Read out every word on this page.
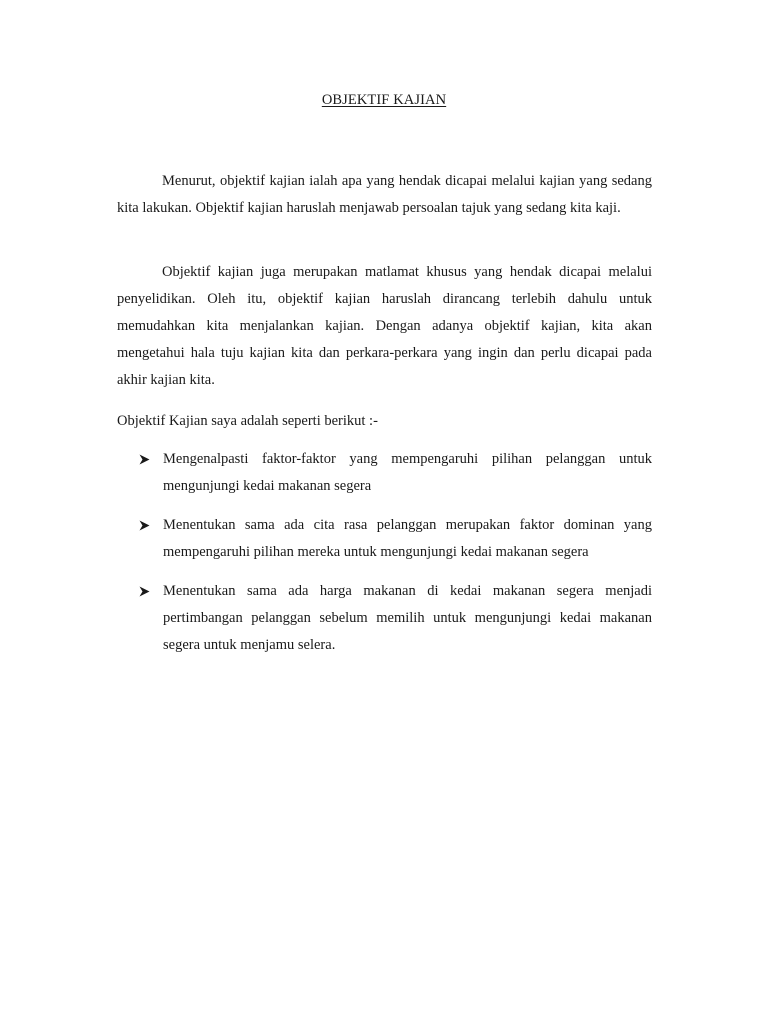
OBJEKTIF KAJIAN

Menurut, objektif kajian ialah apa yang hendak dicapai melalui kajian yang sedang kita lakukan. Objektif kajian haruslah menjawab persoalan tajuk yang sedang kita kaji.

Objektif kajian juga merupakan matlamat khusus yang hendak dicapai melalui penyelidikan. Oleh itu, objektif kajian haruslah dirancang terlebih dahulu untuk memudahkan kita menjalankan kajian. Dengan adanya objektif kajian, kita akan mengetahui hala tuju kajian kita dan perkara-perkara yang ingin dan perlu dicapai pada akhir kajian kita.

Objektif Kajian saya adalah seperti berikut :-

Mengenalpasti faktor-faktor yang mempengaruhi pilihan pelanggan untuk mengunjungi kedai makanan segera
Menentukan sama ada cita rasa pelanggan merupakan faktor dominan yang mempengaruhi pilihan mereka untuk mengunjungi kedai makanan segera
Menentukan sama ada harga makanan di kedai makanan segera menjadi pertimbangan pelanggan sebelum memilih untuk mengunjungi kedai makanan segera untuk menjamu selera.
